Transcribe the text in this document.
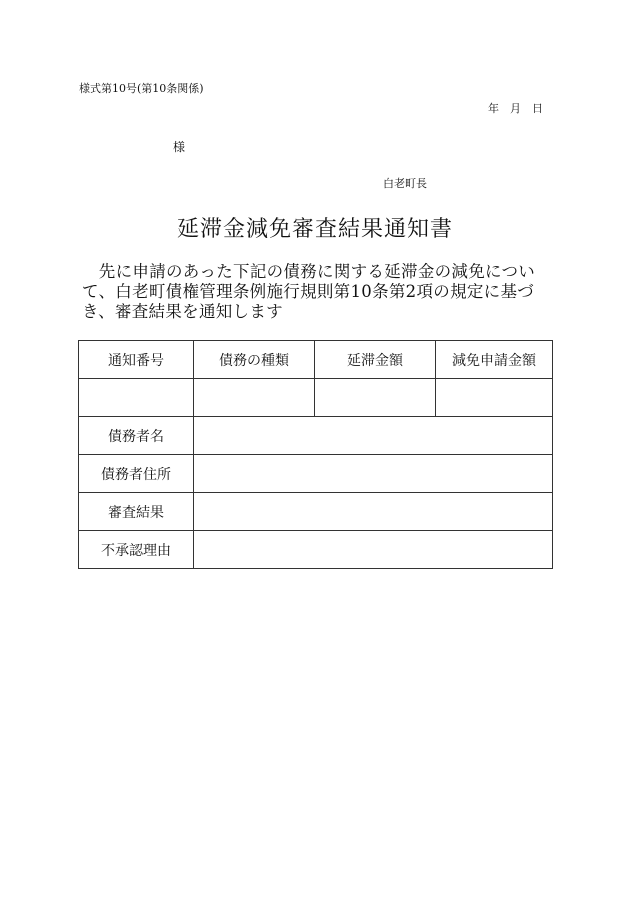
様式第10号(第10条関係)
年　月　日
様
白老町長
延滞金減免審査結果通知書
　先に申請のあった下記の債務に関する延滞金の減免について、白老町債権管理条例施行規則第10条第2項の規定に基づき、審査結果を通知します
通知番号	債務の種類	延滞金額	減免申請金額

債務者名			
債務者住所			
審査結果			
不承認理由			
